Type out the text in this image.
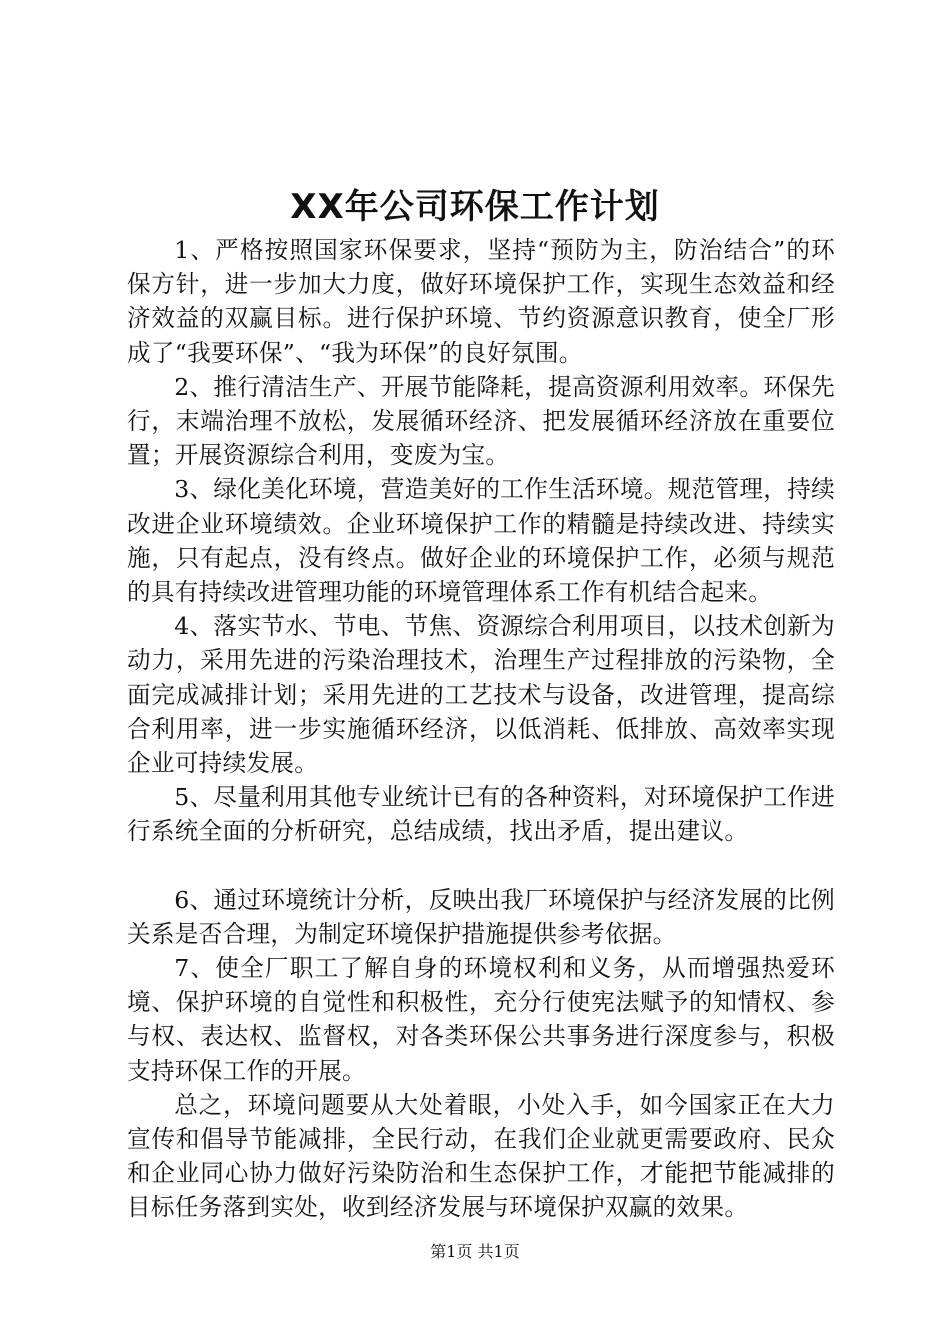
XX年公司环保工作计划

1、严格按照国家环保要求，坚持“预防为主，防治结合”的环保方针，进一步加大力度，做好环境保护工作，实现生态效益和经济效益的双赢目标。进行保护环境、节约资源意识教育，使全厂形成了“我要环保”、“我为环保”的良好氛围。

2、推行清洁生产、开展节能降耗，提高资源利用效率。环保先行，末端治理不放松，发展循环经济、把发展循环经济放在重要位置；开展资源综合利用，变废为宝。

3、绿化美化环境，营造美好的工作生活环境。规范管理，持续改进企业环境绩效。企业环境保护工作的精髓是持续改进、持续实施，只有起点，没有终点。做好企业的环境保护工作，必须与规范的具有持续改进管理功能的环境管理体系工作有机结合起来。

4、落实节水、节电、节焦、资源综合利用项目，以技术创新为动力，采用先进的污染治理技术，治理生产过程排放的污染物，全面完成减排计划；采用先进的工艺技术与设备，改进管理，提高综合利用率，进一步实施循环经济，以低消耗、低排放、高效率实现企业可持续发展。

5、尽量利用其他专业统计已有的各种资料，对环境保护工作进行系统全面的分析研究，总结成绩，找出矛盾，提出建议。

6、通过环境统计分析，反映出我厂环境保护与经济发展的比例关系是否合理，为制定环境保护措施提供参考依据。

7、使全厂职工了解自身的环境权利和义务，从而增强热爱环境、保护环境的自觉性和积极性，充分行使宪法赋予的知情权、参与权、表达权、监督权，对各类环保公共事务进行深度参与，积极支持环保工作的开展。

总之，环境问题要从大处着眼，小处入手，如今国家正在大力宣传和倡导节能减排，全民行动，在我们企业就更需要政府、民众和企业同心协力做好污染防治和生态保护工作，才能把节能减排的目标任务落到实处，收到经济发展与环境保护双赢的效果。

第1页 共1页
